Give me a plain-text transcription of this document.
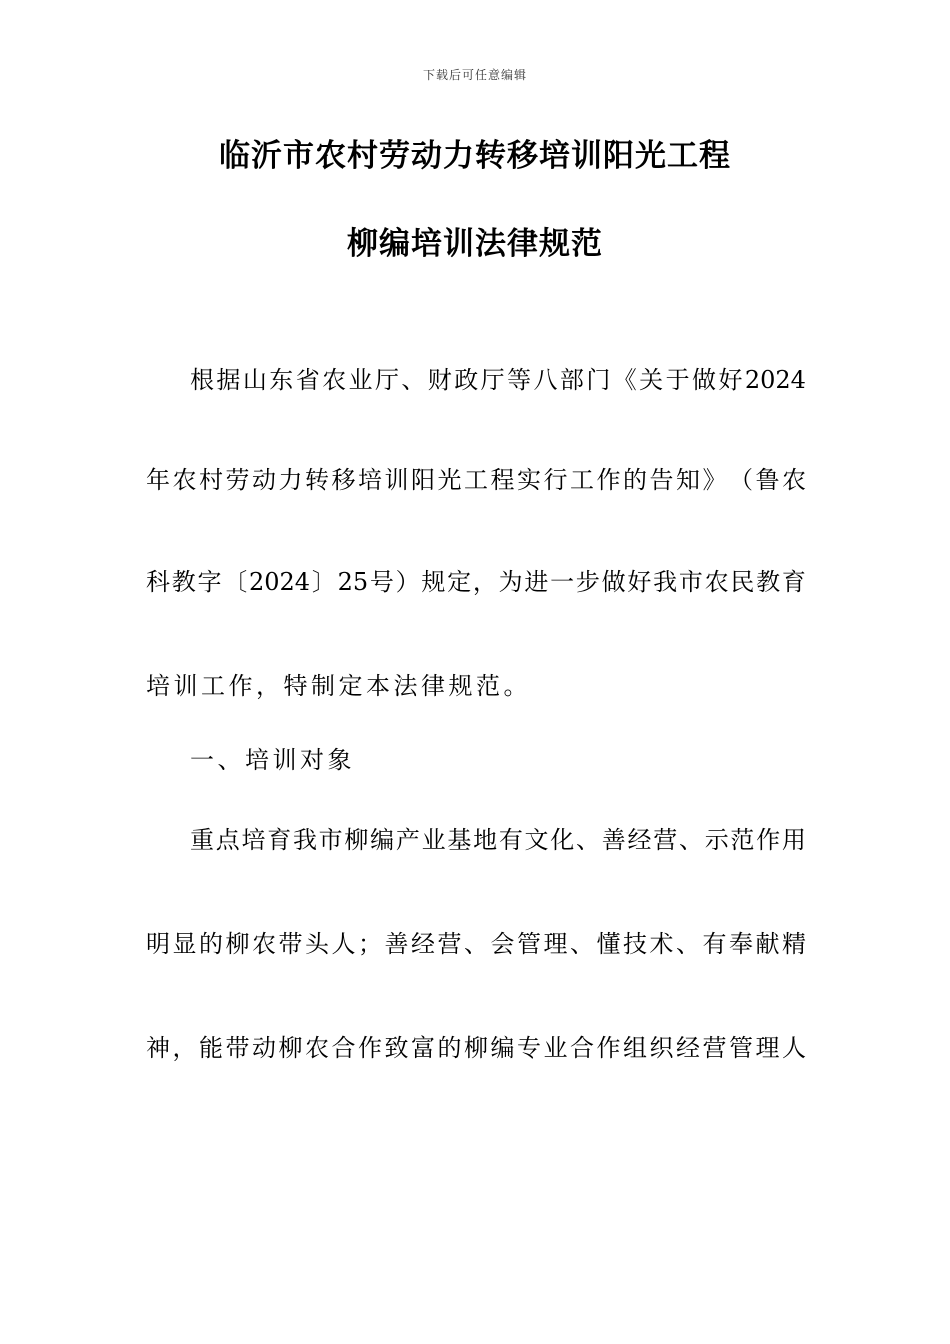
下载后可任意编辑
临沂市农村劳动力转移培训阳光工程
柳编培训法律规范
根 据 山 东 省 农 业 厅 、 财 政 厅 等 八 部 门 《 关 于 做 好 2024
年 农 村 劳 动 力 转 移 培 训 阳 光 工 程 实 行 工 作 的 告 知 》 （ 鲁 农
科 教 字 〔 2024 〕 25 号 ） 规 定 ， 为 进 一 步 做 好 我 市 农 民 教 育
培训工作，特制定本法律规范。
一、培训对象
重 点 培 育 我 市 柳 编 产 业 基 地 有 文 化 、 善 经 营 、 示 范 作 用
明 显 的 柳 农 带 头 人 ； 善 经 营 、 会 管 理 、 懂 技 术 、 有 奉 献 精
神 ， 能 带 动 柳 农 合 作 致 富 的 柳 编 专 业 合 作 组 织 经 营 管 理 人
